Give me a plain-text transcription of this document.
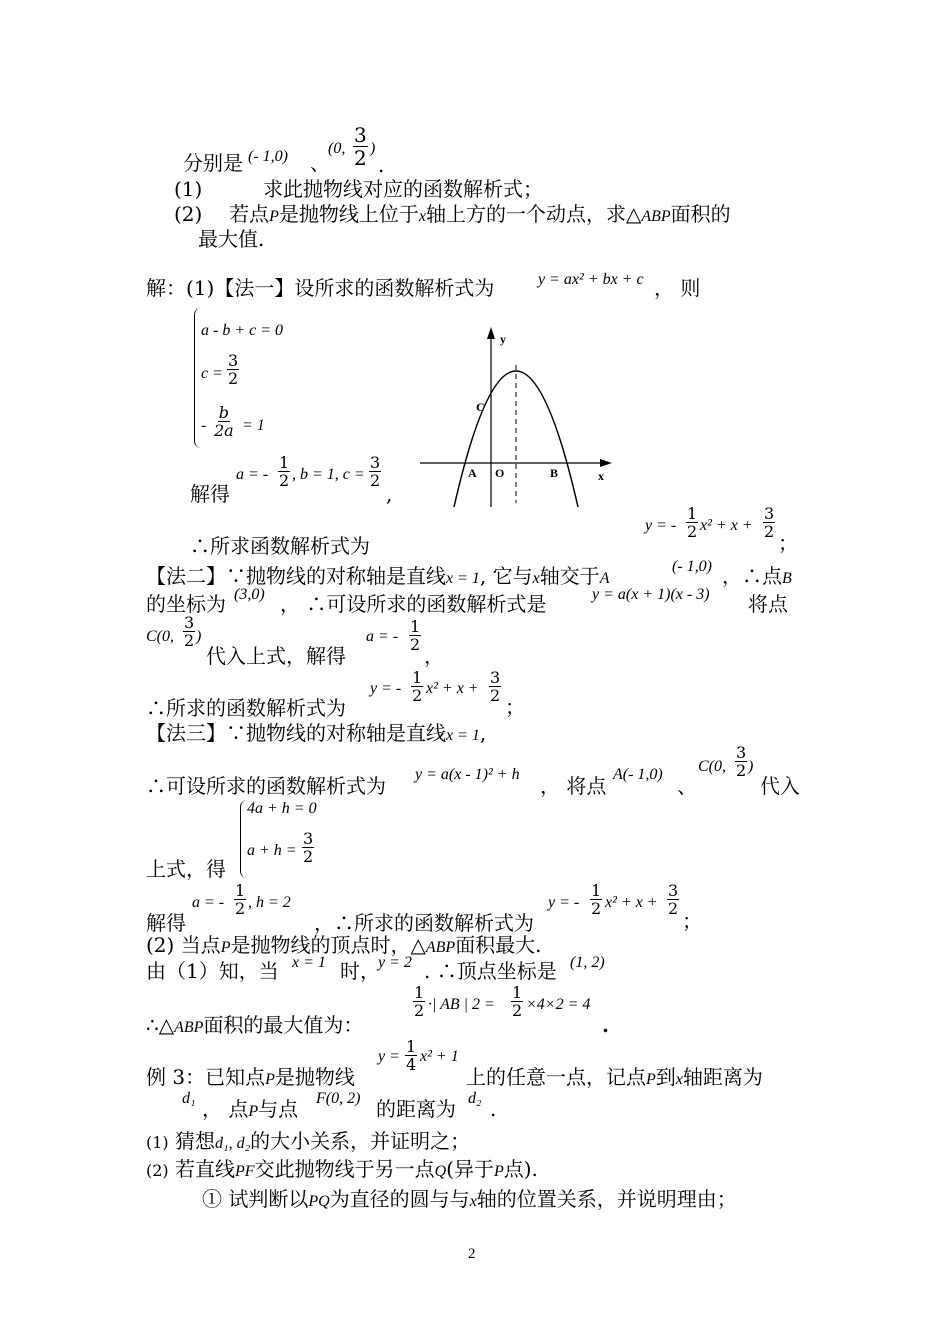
分别是 (- 1,0) 、
(0, $\frac{3}{2}$ )
.
(1)	求此抛物线对应的函数解析式；
(2) 若点P是抛物线上位于x轴上方的一个动点，求△ABP面积的
最大值.
解：(1)【法一】设所求的函数解析式为	y = ax² + bx + c ， 则
a - b + c = 0
$c = \frac{3}{2}$
- $\frac{b}{2a} = 1$
解得
a = - $\frac{1}{2}$ , b = 1, $c = \frac{3}{2}$
,
y
x
C
A O	B
∴所求函数解析式为
y = - $\frac{1}{2} x^2 + x + \frac{3}{2}$
；
【法二】∵抛物线的对称轴是直线x = 1, 它与x轴交于A
(- 1,0) ，∴点B
的坐标为 (3,0) ， ∴可设所求的函数解析式是	y = a(x + 1)(x - 3) 将点
C(0, $\frac{3}{2}$ )
代入上式，解得
a = - $\frac{1}{2}$
，
∴所求的函数解析式为
y = - $\frac{1}{2} x^2 + x + \frac{3}{2}$
；
【法三】∵抛物线的对称轴是直线x = 1,
∴可设所求的函数解析式为 y = a(x - 1)² + h ， 将点 A(- 1,0) 、
C(0, $\frac{3}{2}$ )
代入
上式，得
4a + h = 0
$a + h = \frac{3}{2}$
解得
a = - $\frac{1}{2}$ , h = 2
，∴所求的函数解析式为
y = - $\frac{1}{2} x^2 + x + \frac{3}{2}$
；
(2) 当点P是抛物线的顶点时，△ABP面积最大.
由（1）知，当 x = 1 时，
y = 2 . ∴顶点坐标是 (1, 2)
∴△ABP面积的最大值为：
$\frac{1}{2}$ ·| AB | $2 = \frac{1}{2} \times 4\times 2 = 4$
.
例 3：已知点P是抛物线
$y = \frac{1}{4} x^2 + 1$
上的任意一点，记点P到x轴距离为
d₁ ， 点P与点 F(0, 2) 的距离为 d₂ .
(1) 猜想d₁, d₂的大小关系，并证明之；
(2) 若直线PF交此抛物线于另一点Q(异于P点).
① 试判断以PQ为直径的圆与与x轴的位置关系，并说明理由；
2
